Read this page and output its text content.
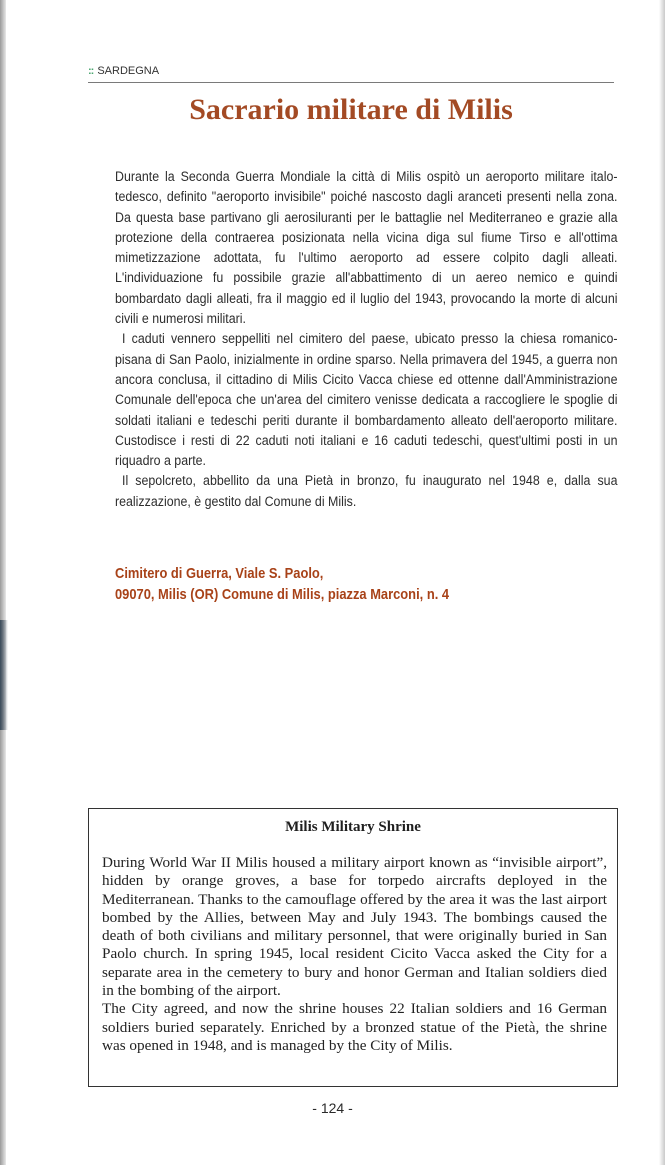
:: SARDEGNA
Sacrario militare di Milis

Durante la Seconda Guerra Mondiale la città di Milis ospitò un aeroporto militare italo-tedesco, definito "aeroporto invisibile" poiché nascosto dagli aranceti presenti nella zona. Da questa base partivano gli aerosiluranti per le battaglie nel Mediterraneo e grazie alla protezione della contraerea posizionata nella vicina diga sul fiume Tirso e all'ottima mimetizzazione adottata, fu l'ultimo aeroporto ad essere colpito dagli alleati. L'individuazione fu possibile grazie all'abbattimento di un aereo nemico e quindi bombardato dagli alleati, fra il maggio ed il luglio del 1943, provocando la morte di alcuni civili e numerosi militari.

I caduti vennero seppelliti nel cimitero del paese, ubicato presso la chiesa romanico-pisana di San Paolo, inizialmente in ordine sparso. Nella primavera del 1945, a guerra non ancora conclusa, il cittadino di Milis Cicito Vacca chiese ed ottenne dall'Amministrazione Comunale dell'epoca che un'area del cimitero venisse dedicata a raccogliere le spoglie di soldati italiani e tedeschi periti durante il bombardamento alleato dell'aeroporto militare. Custodisce i resti di 22 caduti noti italiani e 16 caduti tedeschi, quest'ultimi posti in un riquadro a parte.

Il sepolcreto, abbellito da una Pietà in bronzo, fu inaugurato nel 1948 e, dalla sua realizzazione, è gestito dal Comune di Milis.

Cimitero di Guerra, Viale S. Paolo,
09070, Milis (OR) Comune di Milis, piazza Marconi, n. 4
Milis Military Shrine

During World War II Milis housed a military airport known as “invisible airport”, hidden by orange groves, a base for torpedo aircrafts deployed in the Mediterranean. Thanks to the camouflage offered by the area it was the last airport bombed by the Allies, between May and July 1943. The bombings caused the death of both civilians and military personnel, that were originally buried in San Paolo church. In spring 1945, local resident Cicito Vacca asked the City for a separate area in the cemetery to bury and honor German and Italian soldiers died in the bombing of the airport.

The City agreed, and now the shrine houses 22 Italian soldiers and 16 German soldiers buried separately. Enriched by a bronzed statue of the Pietà, the shrine was opened in 1948, and is managed by the City of Milis.

- 124 -
